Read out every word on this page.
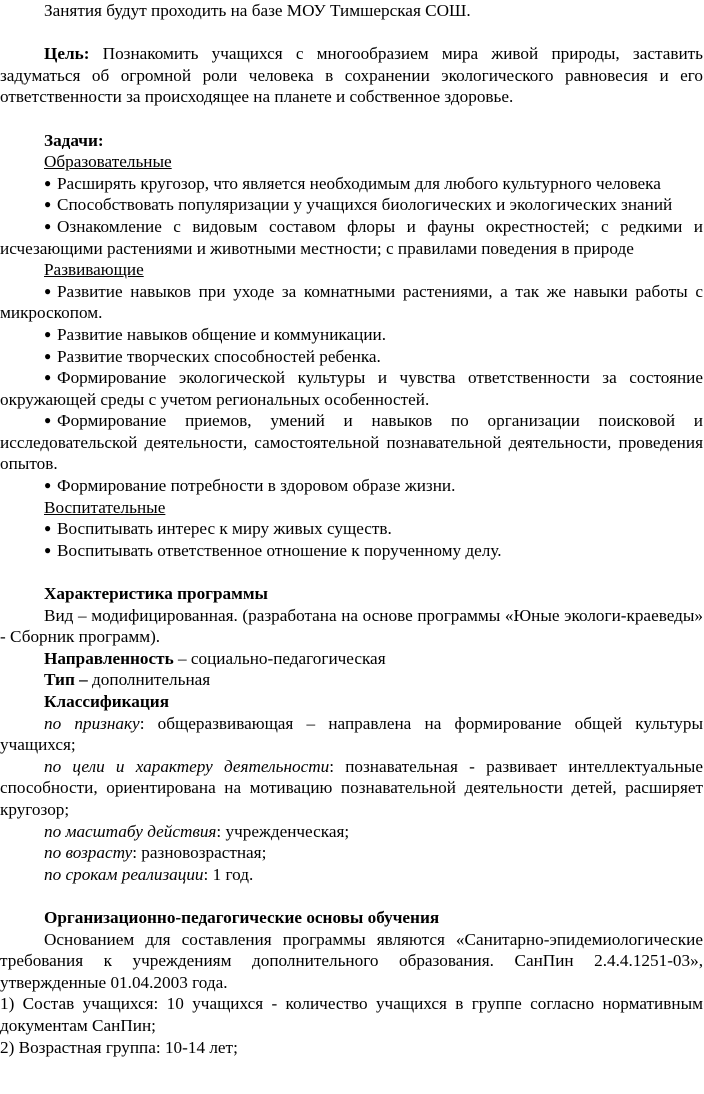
Занятия будут проходить на базе МОУ Тимшерская СОШ.

Цель: Познакомить учащихся с многообразием мира живой природы, заставить задуматься об огромной роли человека в сохранении экологического равновесия и его ответственности за происходящее на планете и собственное здоровье.

Задачи:

Образовательные

● Расширять кругозор, что является необходимым для любого культурного человека

● Способствовать популяризации у учащихся биологических и экологических знаний

● Ознакомление с видовым составом флоры и фауны окрестностей; с редкими и исчезающими растениями и животными местности; с правилами поведения в природе

Развивающие

● Развитие навыков при уходе за комнатными растениями, а так же навыки работы с микроскопом.

● Развитие навыков общение и коммуникации.

● Развитие творческих способностей ребенка.

● Формирование экологической культуры и чувства ответственности за состояние окружающей среды с учетом региональных особенностей.

● Формирование приемов, умений и навыков по организации поисковой и исследовательской деятельности, самостоятельной познавательной деятельности, проведения опытов.

● Формирование потребности в здоровом образе жизни.

Воспитательные

● Воспитывать интерес к миру живых существ.

● Воспитывать ответственное отношение к порученному делу.

Характеристика программы

Вид – модифицированная. (разработана на основе программы «Юные экологи-краеведы» - Сборник программ).

Направленность – социально-педагогическая

Тип – дополнительная

Классификация

по признаку: общеразвивающая – направлена на формирование общей культуры учащихся;

по цели и характеру деятельности: познавательная - развивает интеллектуальные способности, ориентирована на мотивацию познавательной деятельности детей, расширяет кругозор;

по масштабу действия: учрежденческая;

по возрасту: разновозрастная;

по срокам реализации: 1 год.

Организационно-педагогические основы обучения

Основанием для составления программы являются «Санитарно-эпидемиологические требования к учреждениям дополнительного образования. СанПин 2.4.4.1251-03», утвержденные 01.04.2003 года.

1) Состав учащихся: 10 учащихся - количество учащихся в группе согласно нормативным документам СанПин;

2) Возрастная группа: 10-14 лет;
